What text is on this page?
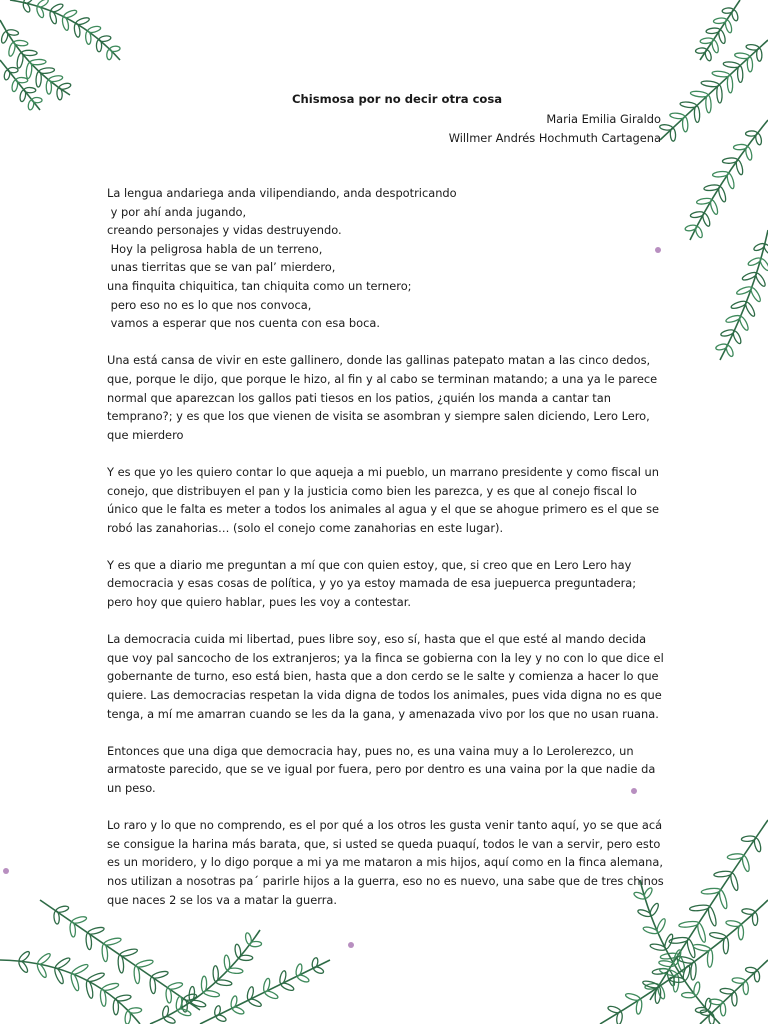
Chismosa por no decir otra cosa
Maria Emilia Giraldo
Willmer Andrés Hochmuth Cartagena
La lengua andariega anda vilipendiando, anda despotricando
y por ahí anda jugando,
creando personajes y vidas destruyendo.
Hoy la peligrosa habla de un terreno,
unas tierritas que se van pal’ mierdero,
una finquita chiquitica, tan chiquita como un ternero;
pero eso no es lo que nos convoca,
vamos a esperar que nos cuenta con esa boca.

Una está cansa de vivir en este gallinero, donde las gallinas patepato matan a las cinco dedos, que, porque le dijo, que porque le hizo, al fin y al cabo se terminan matando; a una ya le parece normal que aparezcan los gallos pati tiesos en los patios, ¿quién los manda a cantar tan temprano?; y es que los que vienen de visita se asombran y siempre salen diciendo, Lero Lero, que mierdero

Y es que yo les quiero contar lo que aqueja a mi pueblo, un marrano presidente y como fiscal un conejo, que distribuyen el pan y la justicia como bien les parezca, y es que al conejo fiscal lo único que le falta es meter a todos los animales al agua y el que se ahogue primero es el que se robó las zanahorias… (solo el conejo come zanahorias en este lugar).

Y es que a diario me preguntan a mí que con quien estoy, que, si creo que en Lero Lero hay democracia y esas cosas de política, y yo ya estoy mamada de esa juepuerca preguntadera; pero hoy que quiero hablar, pues les voy a contestar.

La democracia cuida mi libertad, pues libre soy, eso sí, hasta que el que esté al mando decida que voy pal sancocho de los extranjeros; ya la finca se gobierna con la ley y no con lo que dice el gobernante de turno, eso está bien, hasta que a don cerdo se le salte y comienza a hacer lo que quiere. Las democracias respetan la vida digna de todos los animales, pues vida digna no es que tenga, a mí me amarran cuando se les da la gana, y amenazada vivo por los que no usan ruana.

Entonces que una diga que democracia hay, pues no, es una vaina muy a lo Lerolerezco, un armatoste parecido, que se ve igual por fuera, pero por dentro es una vaina por la que nadie da un peso.

Lo raro y lo que no comprendo, es el por qué a los otros les gusta venir tanto aquí, yo se que acá se consigue la harina más barata, que, si usted se queda puaquí, todos le van a servir, pero esto es un moridero, y lo digo porque a mi ya me mataron a mis hijos, aquí como en la finca alemana, nos utilizan a nosotras pa´ parirle hijos a la guerra, eso no es nuevo, una sabe que de tres chinos que naces 2 se los va a matar la guerra.
